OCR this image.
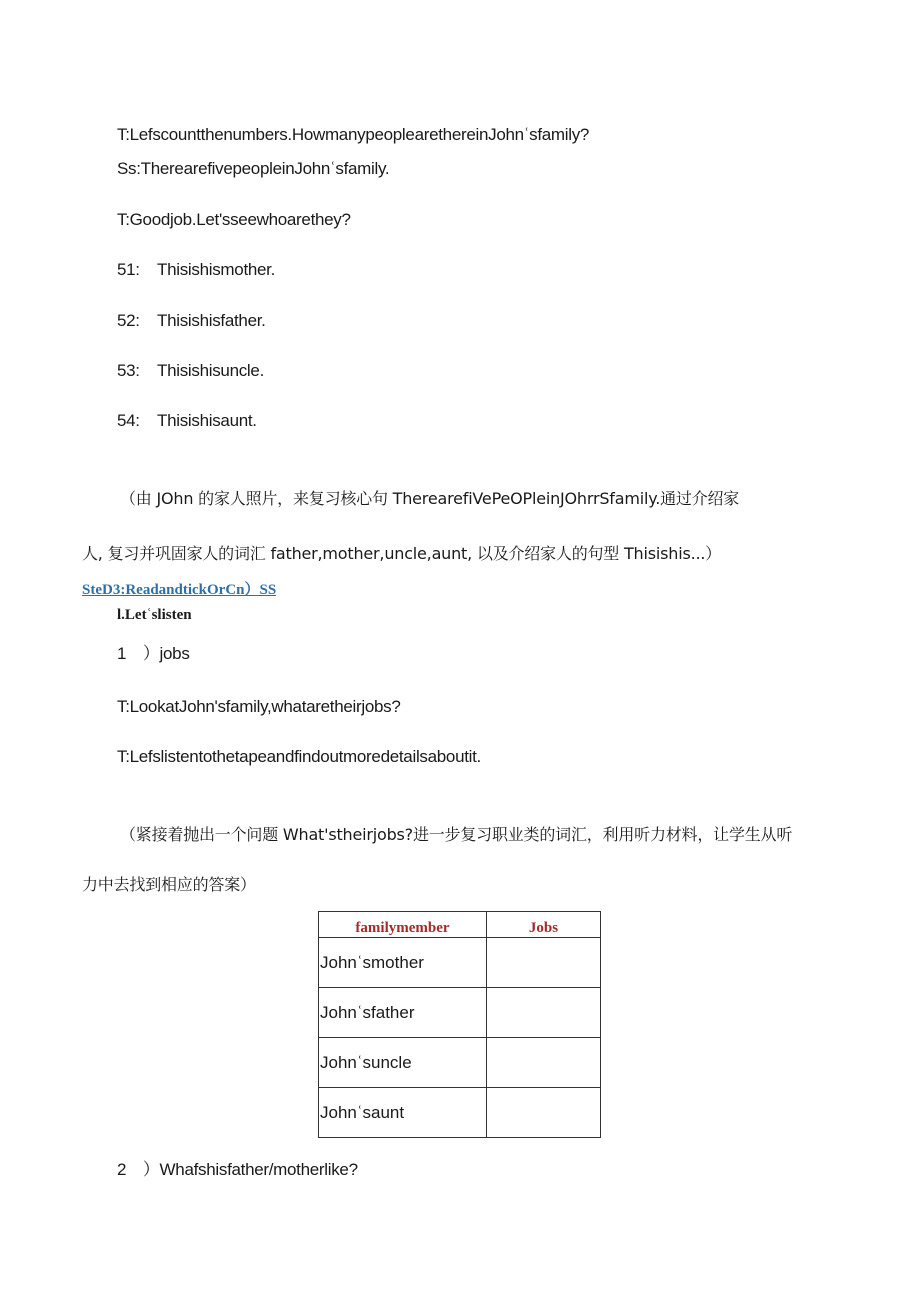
T:Lefscountthenumbers.HowmanypeoplearethereinJohnʿsfamily?
Ss:TherearefivepeopleinJohnʿsfamily.
T:Goodjob.Let'sseewhoarethey?
51: Thisishismother.
52: Thisishisfather.
53: Thisishisuncle.
54: Thisishisaunt.
（由 JOhn 的家人照片，来复习核心句 TherearefiVePeOPleinJOhrrSfamily.通过介绍家
人, 复习并巩固家人的词汇 father,mother,uncle,aunt, 以及介绍家人的句型 Thisishis...）
SteD3:ReadandtickOrCn）SS
l.Letʿslisten
1 ）jobs
T:LookatJohn'sfamily,whataretheirjobs?
T:Lefslistentothetapeandfindoutmoredetailsaboutit.
（紧接着抛出一个问题 What'stheirjobs?进一步复习职业类的词汇，利用听力材料，让学生从听
力中去找到相应的答案）
familymember	Jobs
Johnʿsmother	
Johnʿsfather	
Johnʿsuncle	
Johnʿsaunt	
2 ）Whafshisfather/motherlike?
